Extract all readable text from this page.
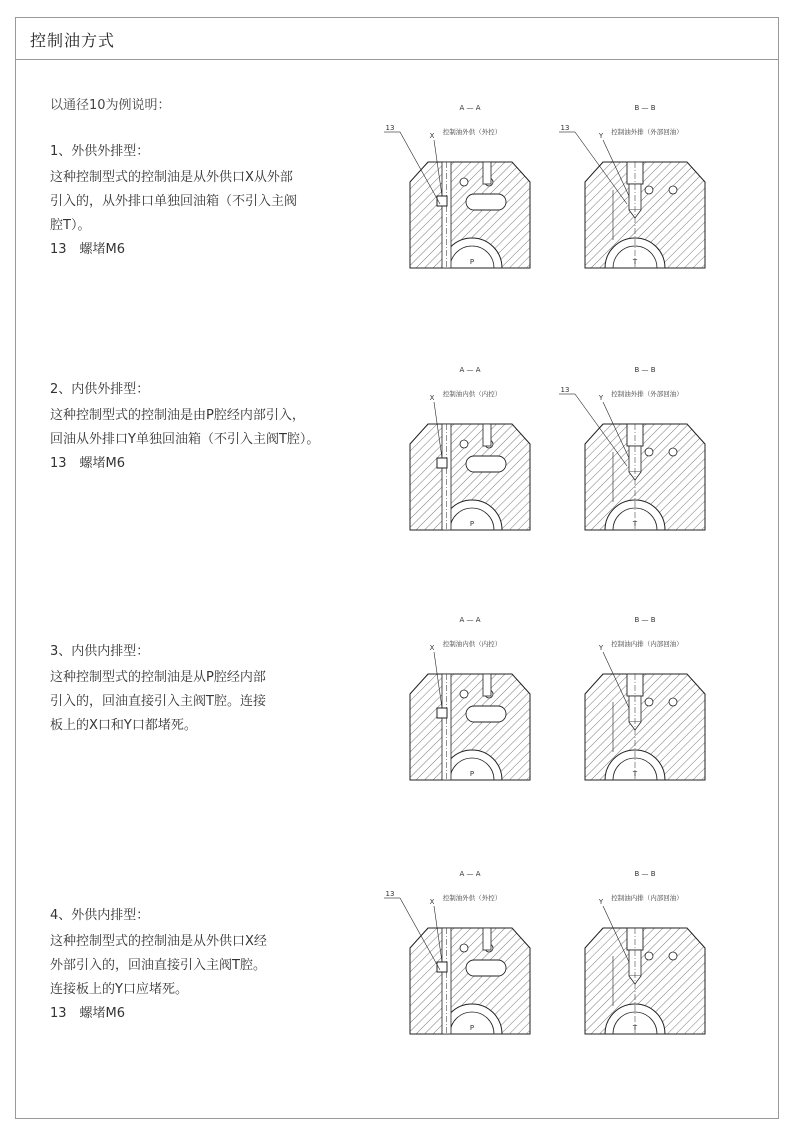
控制油方式
以通径10为例说明：

1、外供外排型：

这种控制型式的控制油是从外供口X从外部

引入的，从外排口单独回油箱（不引入主阀

腔T）。

13　螺堵M6

2、内供外排型：

这种控制型式的控制油是由P腔经内部引入，

回油从外排口Y单独回油箱（不引入主阀T腔）。

13　螺堵M6

3、内供内排型：

这种控制型式的控制油是从P腔经内部

引入的，回油直接引入主阀T腔。连接

板上的X口和Y口都堵死。

4、外供内排型：

这种控制型式的控制油是从外供口X经

外部引入的，回油直接引入主阀T腔。

连接板上的Y口应堵死。

13　螺堵M6

A — A
控制油外供（外控）
P
X
13
B — B
控制油外排（外部回油）
T
Y
13
A — A
控制油内供（内控）
P
X
B — B
控制油外排（外部回油）
T
Y
13
A — A
控制油内供（内控）
P
X
B — B
控制油内排（内部回油）
T
Y
A — A
控制油外供（外控）
P
X
13
B — B
控制油内排（内部回油）
T
Y
